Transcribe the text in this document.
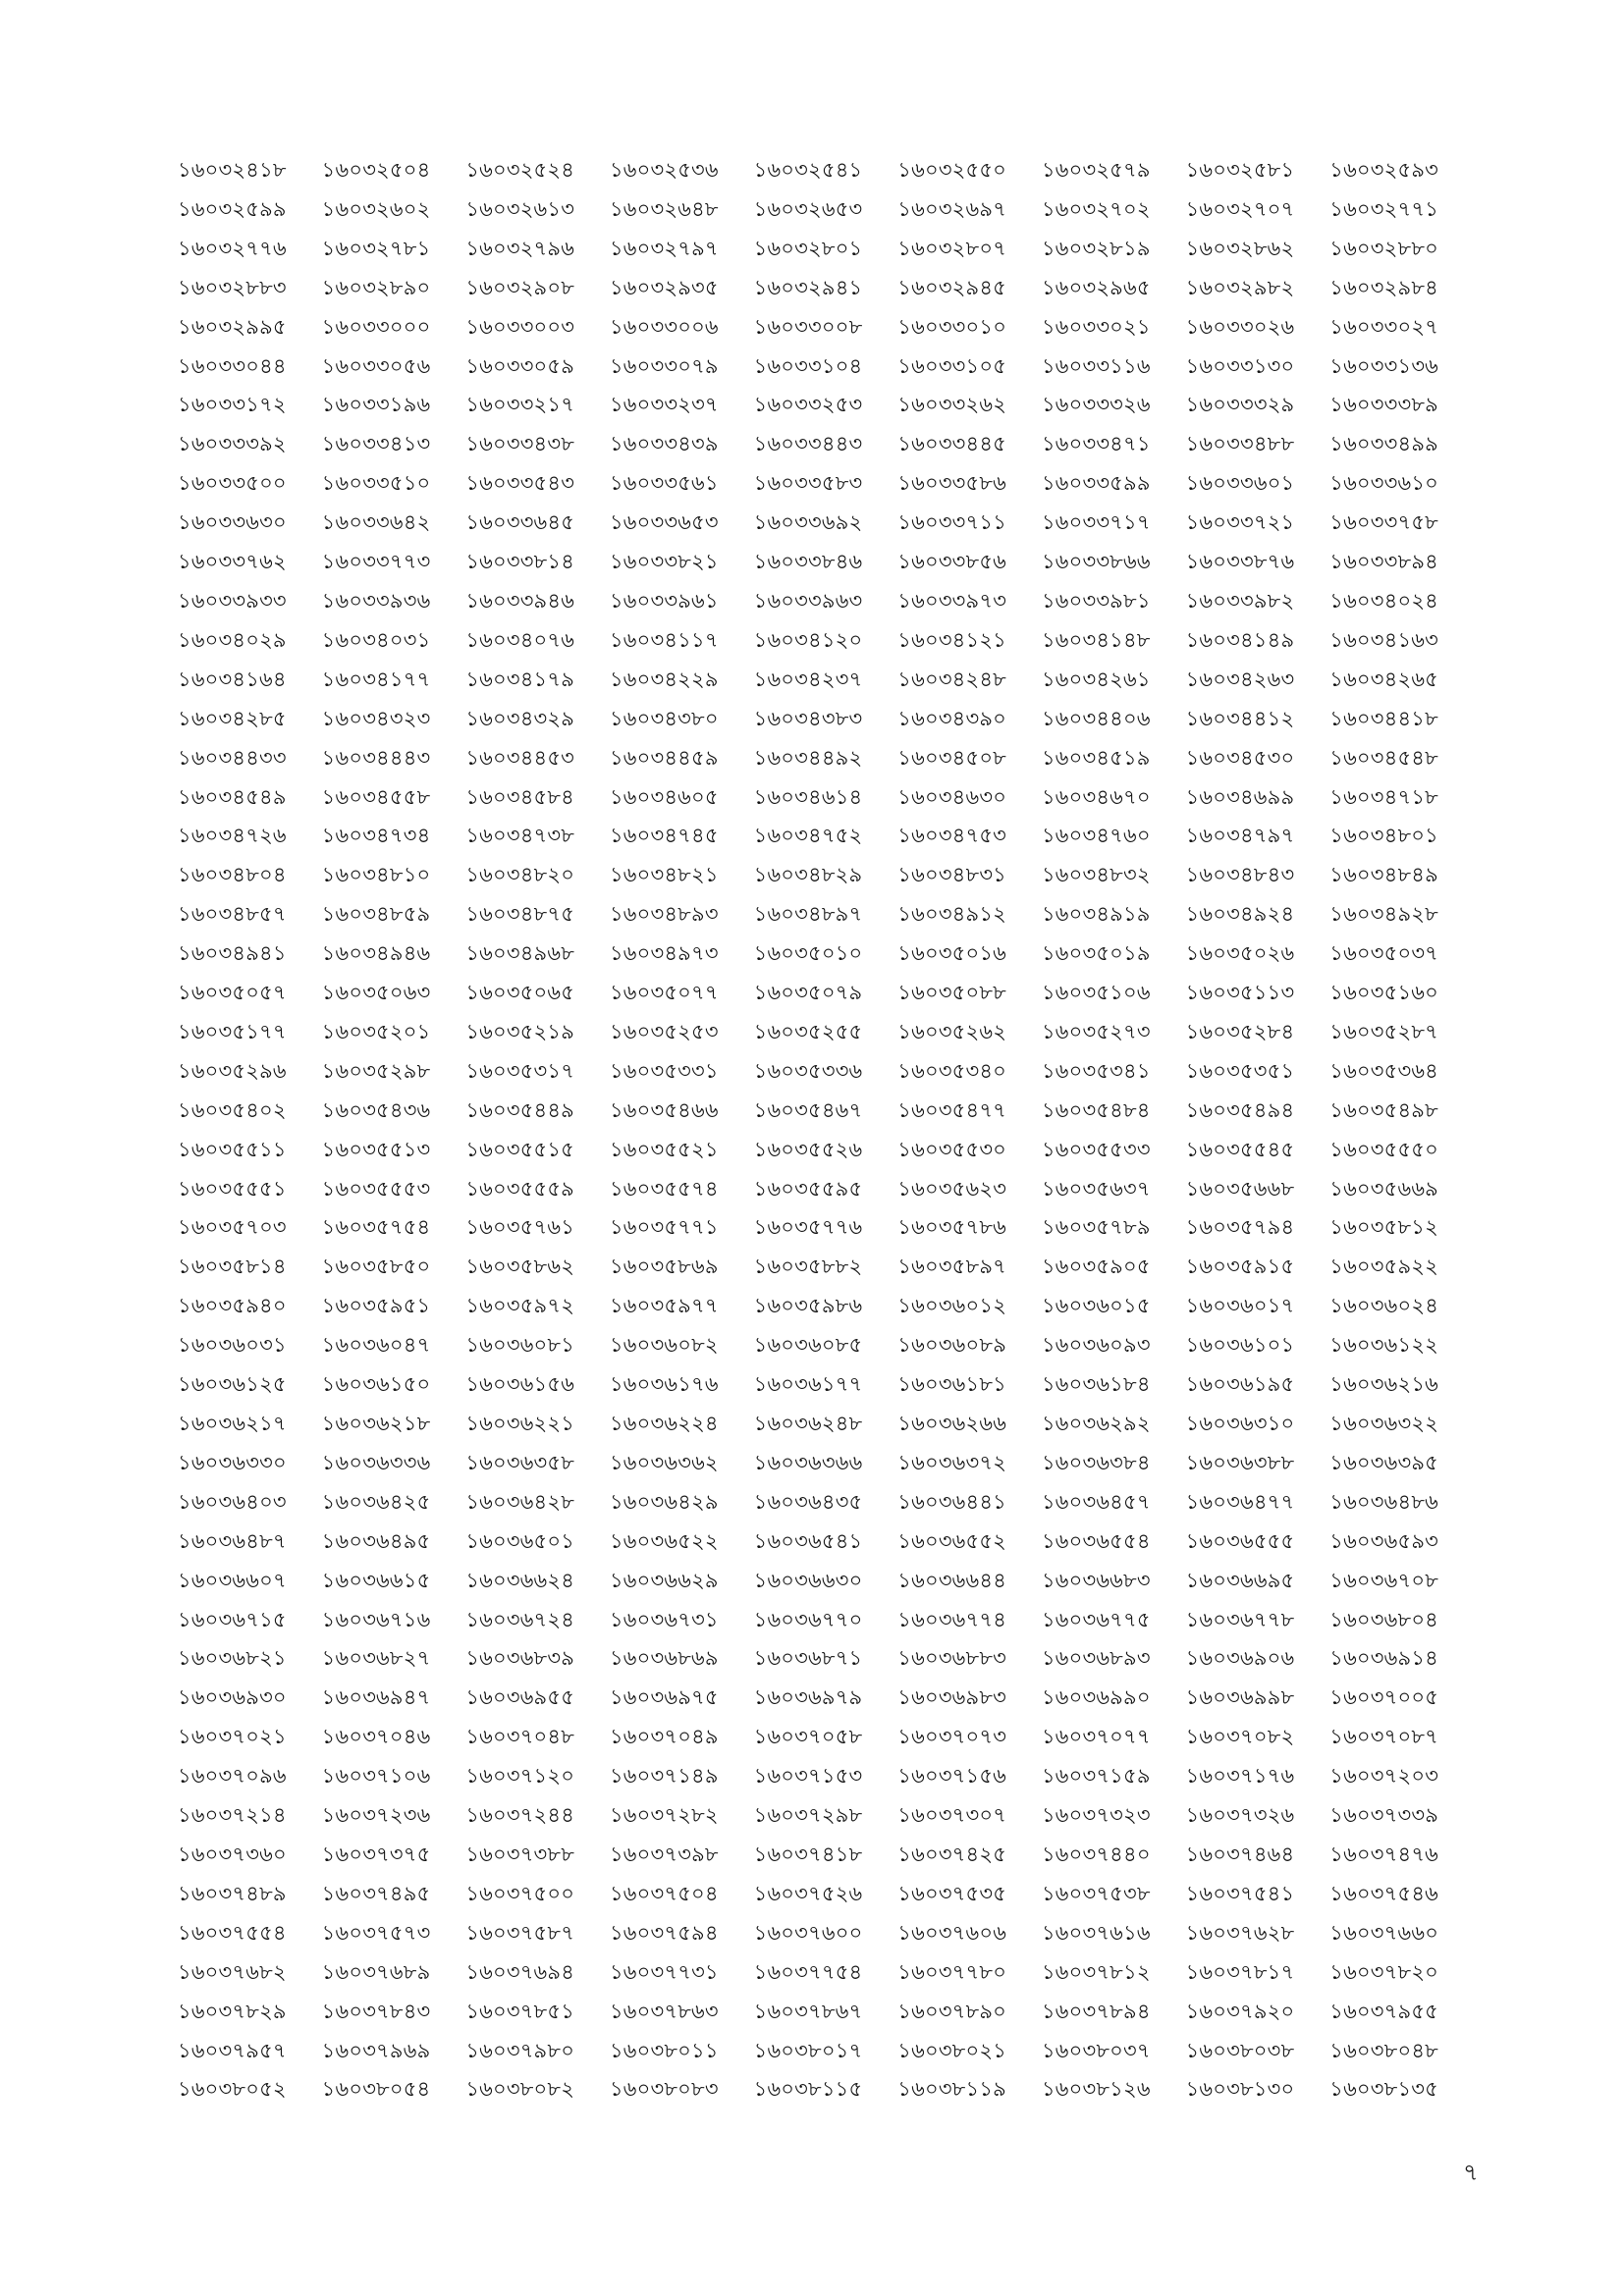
১৬০৩২৪১৮	১৬০৩২৫০৪	১৬০৩২৫২৪	১৬০৩২৫৩৬	১৬০৩২৫৪১	১৬০৩২৫৫০	১৬০৩২৫৭৯	১৬০৩২৫৮১	১৬০৩২৫৯৩
১৬০৩২৫৯৯	১৬০৩২৬০২	১৬০৩২৬১৩	১৬০৩২৬৪৮	১৬০৩২৬৫৩	১৬০৩২৬৯৭	১৬০৩২৭০২	১৬০৩২৭০৭	১৬০৩২৭৭১
১৬০৩২৭৭৬	১৬০৩২৭৮১	১৬০৩২৭৯৬	১৬০৩২৭৯৭	১৬০৩২৮০১	১৬০৩২৮০৭	১৬০৩২৮১৯	১৬০৩২৮৬২	১৬০৩২৮৮০
১৬০৩২৮৮৩	১৬০৩২৮৯০	১৬০৩২৯০৮	১৬০৩২৯৩৫	১৬০৩২৯৪১	১৬০৩২৯৪৫	১৬০৩২৯৬৫	১৬০৩২৯৮২	১৬০৩২৯৮৪
১৬০৩২৯৯৫	১৬০৩৩০০০	১৬০৩৩০০৩	১৬০৩৩০০৬	১৬০৩৩০০৮	১৬০৩৩০১০	১৬০৩৩০২১	১৬০৩৩০২৬	১৬০৩৩০২৭
১৬০৩৩০৪৪	১৬০৩৩০৫৬	১৬০৩৩০৫৯	১৬০৩৩০৭৯	১৬০৩৩১০৪	১৬০৩৩১০৫	১৬০৩৩১১৬	১৬০৩৩১৩০	১৬০৩৩১৩৬
১৬০৩৩১৭২	১৬০৩৩১৯৬	১৬০৩৩২১৭	১৬০৩৩২৩৭	১৬০৩৩২৫৩	১৬০৩৩২৬২	১৬০৩৩৩২৬	১৬০৩৩৩২৯	১৬০৩৩৩৮৯
১৬০৩৩৩৯২	১৬০৩৩৪১৩	১৬০৩৩৪৩৮	১৬০৩৩৪৩৯	১৬০৩৩৪৪৩	১৬০৩৩৪৪৫	১৬০৩৩৪৭১	১৬০৩৩৪৮৮	১৬০৩৩৪৯৯
১৬০৩৩৫০০	১৬০৩৩৫১০	১৬০৩৩৫৪৩	১৬০৩৩৫৬১	১৬০৩৩৫৮৩	১৬০৩৩৫৮৬	১৬০৩৩৫৯৯	১৬০৩৩৬০১	১৬০৩৩৬১০
১৬০৩৩৬৩০	১৬০৩৩৬৪২	১৬০৩৩৬৪৫	১৬০৩৩৬৫৩	১৬০৩৩৬৯২	১৬০৩৩৭১১	১৬০৩৩৭১৭	১৬০৩৩৭২১	১৬০৩৩৭৫৮
১৬০৩৩৭৬২	১৬০৩৩৭৭৩	১৬০৩৩৮১৪	১৬০৩৩৮২১	১৬০৩৩৮৪৬	১৬০৩৩৮৫৬	১৬০৩৩৮৬৬	১৬০৩৩৮৭৬	১৬০৩৩৮৯৪
১৬০৩৩৯৩৩	১৬০৩৩৯৩৬	১৬০৩৩৯৪৬	১৬০৩৩৯৬১	১৬০৩৩৯৬৩	১৬০৩৩৯৭৩	১৬০৩৩৯৮১	১৬০৩৩৯৮২	১৬০৩৪০২৪
১৬০৩৪০২৯	১৬০৩৪০৩১	১৬০৩৪০৭৬	১৬০৩৪১১৭	১৬০৩৪১২০	১৬০৩৪১২১	১৬০৩৪১৪৮	১৬০৩৪১৪৯	১৬০৩৪১৬৩
১৬০৩৪১৬৪	১৬০৩৪১৭৭	১৬০৩৪১৭৯	১৬০৩৪২২৯	১৬০৩৪২৩৭	১৬০৩৪২৪৮	১৬০৩৪২৬১	১৬০৩৪২৬৩	১৬০৩৪২৬৫
১৬০৩৪২৮৫	১৬০৩৪৩২৩	১৬০৩৪৩২৯	১৬০৩৪৩৮০	১৬০৩৪৩৮৩	১৬০৩৪৩৯০	১৬০৩৪৪০৬	১৬০৩৪৪১২	১৬০৩৪৪১৮
১৬০৩৪৪৩৩	১৬০৩৪৪৪৩	১৬০৩৪৪৫৩	১৬০৩৪৪৫৯	১৬০৩৪৪৯২	১৬০৩৪৫০৮	১৬০৩৪৫১৯	১৬০৩৪৫৩০	১৬০৩৪৫৪৮
১৬০৩৪৫৪৯	১৬০৩৪৫৫৮	১৬০৩৪৫৮৪	১৬০৩৪৬০৫	১৬০৩৪৬১৪	১৬০৩৪৬৩০	১৬০৩৪৬৭০	১৬০৩৪৬৯৯	১৬০৩৪৭১৮
১৬০৩৪৭২৬	১৬০৩৪৭৩৪	১৬০৩৪৭৩৮	১৬০৩৪৭৪৫	১৬০৩৪৭৫২	১৬০৩৪৭৫৩	১৬০৩৪৭৬০	১৬০৩৪৭৯৭	১৬০৩৪৮০১
১৬০৩৪৮০৪	১৬০৩৪৮১০	১৬০৩৪৮২০	১৬০৩৪৮২১	১৬০৩৪৮২৯	১৬০৩৪৮৩১	১৬০৩৪৮৩২	১৬০৩৪৮৪৩	১৬০৩৪৮৪৯
১৬০৩৪৮৫৭	১৬০৩৪৮৫৯	১৬০৩৪৮৭৫	১৬০৩৪৮৯৩	১৬০৩৪৮৯৭	১৬০৩৪৯১২	১৬০৩৪৯১৯	১৬০৩৪৯২৪	১৬০৩৪৯২৮
১৬০৩৪৯৪১	১৬০৩৪৯৪৬	১৬০৩৪৯৬৮	১৬০৩৪৯৭৩	১৬০৩৫০১০	১৬০৩৫০১৬	১৬০৩৫০১৯	১৬০৩৫০২৬	১৬০৩৫০৩৭
১৬০৩৫০৫৭	১৬০৩৫০৬৩	১৬০৩৫০৬৫	১৬০৩৫০৭৭	১৬০৩৫০৭৯	১৬০৩৫০৮৮	১৬০৩৫১০৬	১৬০৩৫১১৩	১৬০৩৫১৬০
১৬০৩৫১৭৭	১৬০৩৫২০১	১৬০৩৫২১৯	১৬০৩৫২৫৩	১৬০৩৫২৫৫	১৬০৩৫২৬২	১৬০৩৫২৭৩	১৬০৩৫২৮৪	১৬০৩৫২৮৭
১৬০৩৫২৯৬	১৬০৩৫২৯৮	১৬০৩৫৩১৭	১৬০৩৫৩৩১	১৬০৩৫৩৩৬	১৬০৩৫৩৪০	১৬০৩৫৩৪১	১৬০৩৫৩৫১	১৬০৩৫৩৬৪
১৬০৩৫৪০২	১৬০৩৫৪৩৬	১৬০৩৫৪৪৯	১৬০৩৫৪৬৬	১৬০৩৫৪৬৭	১৬০৩৫৪৭৭	১৬০৩৫৪৮৪	১৬০৩৫৪৯৪	১৬০৩৫৪৯৮
১৬০৩৫৫১১	১৬০৩৫৫১৩	১৬০৩৫৫১৫	১৬০৩৫৫২১	১৬০৩৫৫২৬	১৬০৩৫৫৩০	১৬০৩৫৫৩৩	১৬০৩৫৫৪৫	১৬০৩৫৫৫০
১৬০৩৫৫৫১	১৬০৩৫৫৫৩	১৬০৩৫৫৫৯	১৬০৩৫৫৭৪	১৬০৩৫৫৯৫	১৬০৩৫৬২৩	১৬০৩৫৬৩৭	১৬০৩৫৬৬৮	১৬০৩৫৬৬৯
১৬০৩৫৭০৩	১৬০৩৫৭৫৪	১৬০৩৫৭৬১	১৬০৩৫৭৭১	১৬০৩৫৭৭৬	১৬০৩৫৭৮৬	১৬০৩৫৭৮৯	১৬০৩৫৭৯৪	১৬০৩৫৮১২
১৬০৩৫৮১৪	১৬০৩৫৮৫০	১৬০৩৫৮৬২	১৬০৩৫৮৬৯	১৬০৩৫৮৮২	১৬০৩৫৮৯৭	১৬০৩৫৯০৫	১৬০৩৫৯১৫	১৬০৩৫৯২২
১৬০৩৫৯৪০	১৬০৩৫৯৫১	১৬০৩৫৯৭২	১৬০৩৫৯৭৭	১৬০৩৫৯৮৬	১৬০৩৬০১২	১৬০৩৬০১৫	১৬০৩৬০১৭	১৬০৩৬০২৪
১৬০৩৬০৩১	১৬০৩৬০৪৭	১৬০৩৬০৮১	১৬০৩৬০৮২	১৬০৩৬০৮৫	১৬০৩৬০৮৯	১৬০৩৬০৯৩	১৬০৩৬১০১	১৬০৩৬১২২
১৬০৩৬১২৫	১৬০৩৬১৫০	১৬০৩৬১৫৬	১৬০৩৬১৭৬	১৬০৩৬১৭৭	১৬০৩৬১৮১	১৬০৩৬১৮৪	১৬০৩৬১৯৫	১৬০৩৬২১৬
১৬০৩৬২১৭	১৬০৩৬২১৮	১৬০৩৬২২১	১৬০৩৬২২৪	১৬০৩৬২৪৮	১৬০৩৬২৬৬	১৬০৩৬২৯২	১৬০৩৬৩১০	১৬০৩৬৩২২
১৬০৩৬৩৩০	১৬০৩৬৩৩৬	১৬০৩৬৩৫৮	১৬০৩৬৩৬২	১৬০৩৬৩৬৬	১৬০৩৬৩৭২	১৬০৩৬৩৮৪	১৬০৩৬৩৮৮	১৬০৩৬৩৯৫
১৬০৩৬৪০৩	১৬০৩৬৪২৫	১৬০৩৬৪২৮	১৬০৩৬৪২৯	১৬০৩৬৪৩৫	১৬০৩৬৪৪১	১৬০৩৬৪৫৭	১৬০৩৬৪৭৭	১৬০৩৬৪৮৬
১৬০৩৬৪৮৭	১৬০৩৬৪৯৫	১৬০৩৬৫০১	১৬০৩৬৫২২	১৬০৩৬৫৪১	১৬০৩৬৫৫২	১৬০৩৬৫৫৪	১৬০৩৬৫৫৫	১৬০৩৬৫৯৩
১৬০৩৬৬০৭	১৬০৩৬৬১৫	১৬০৩৬৬২৪	১৬০৩৬৬২৯	১৬০৩৬৬৩০	১৬০৩৬৬৪৪	১৬০৩৬৬৮৩	১৬০৩৬৬৯৫	১৬০৩৬৭০৮
১৬০৩৬৭১৫	১৬০৩৬৭১৬	১৬০৩৬৭২৪	১৬০৩৬৭৩১	১৬০৩৬৭৭০	১৬০৩৬৭৭৪	১৬০৩৬৭৭৫	১৬০৩৬৭৭৮	১৬০৩৬৮০৪
১৬০৩৬৮২১	১৬০৩৬৮২৭	১৬০৩৬৮৩৯	১৬০৩৬৮৬৯	১৬০৩৬৮৭১	১৬০৩৬৮৮৩	১৬০৩৬৮৯৩	১৬০৩৬৯০৬	১৬০৩৬৯১৪
১৬০৩৬৯৩০	১৬০৩৬৯৪৭	১৬০৩৬৯৫৫	১৬০৩৬৯৭৫	১৬০৩৬৯৭৯	১৬০৩৬৯৮৩	১৬০৩৬৯৯০	১৬০৩৬৯৯৮	১৬০৩৭০০৫
১৬০৩৭০২১	১৬০৩৭০৪৬	১৬০৩৭০৪৮	১৬০৩৭০৪৯	১৬০৩৭০৫৮	১৬০৩৭০৭৩	১৬০৩৭০৭৭	১৬০৩৭০৮২	১৬০৩৭০৮৭
১৬০৩৭০৯৬	১৬০৩৭১০৬	১৬০৩৭১২০	১৬০৩৭১৪৯	১৬০৩৭১৫৩	১৬০৩৭১৫৬	১৬০৩৭১৫৯	১৬০৩৭১৭৬	১৬০৩৭২০৩
১৬০৩৭২১৪	১৬০৩৭২৩৬	১৬০৩৭২৪৪	১৬০৩৭২৮২	১৬০৩৭২৯৮	১৬০৩৭৩০৭	১৬০৩৭৩২৩	১৬০৩৭৩২৬	১৬০৩৭৩৩৯
১৬০৩৭৩৬০	১৬০৩৭৩৭৫	১৬০৩৭৩৮৮	১৬০৩৭৩৯৮	১৬০৩৭৪১৮	১৬০৩৭৪২৫	১৬০৩৭৪৪০	১৬০৩৭৪৬৪	১৬০৩৭৪৭৬
১৬০৩৭৪৮৯	১৬০৩৭৪৯৫	১৬০৩৭৫০০	১৬০৩৭৫০৪	১৬০৩৭৫২৬	১৬০৩৭৫৩৫	১৬০৩৭৫৩৮	১৬০৩৭৫৪১	১৬০৩৭৫৪৬
১৬০৩৭৫৫৪	১৬০৩৭৫৭৩	১৬০৩৭৫৮৭	১৬০৩৭৫৯৪	১৬০৩৭৬০০	১৬০৩৭৬০৬	১৬০৩৭৬১৬	১৬০৩৭৬২৮	১৬০৩৭৬৬০
১৬০৩৭৬৮২	১৬০৩৭৬৮৯	১৬০৩৭৬৯৪	১৬০৩৭৭৩১	১৬০৩৭৭৫৪	১৬০৩৭৭৮০	১৬০৩৭৮১২	১৬০৩৭৮১৭	১৬০৩৭৮২০
১৬০৩৭৮২৯	১৬০৩৭৮৪৩	১৬০৩৭৮৫১	১৬০৩৭৮৬৩	১৬০৩৭৮৬৭	১৬০৩৭৮৯০	১৬০৩৭৮৯৪	১৬০৩৭৯২০	১৬০৩৭৯৫৫
১৬০৩৭৯৫৭	১৬০৩৭৯৬৯	১৬০৩৭৯৮০	১৬০৩৮০১১	১৬০৩৮০১৭	১৬০৩৮০২১	১৬০৩৮০৩৭	১৬০৩৮০৩৮	১৬০৩৮০৪৮
১৬০৩৮০৫২	১৬০৩৮০৫৪	১৬০৩৮০৮২	১৬০৩৮০৮৩	১৬০৩৮১১৫	১৬০৩৮১১৯	১৬০৩৮১২৬	১৬০৩৮১৩০	১৬০৩৮১৩৫
৭
